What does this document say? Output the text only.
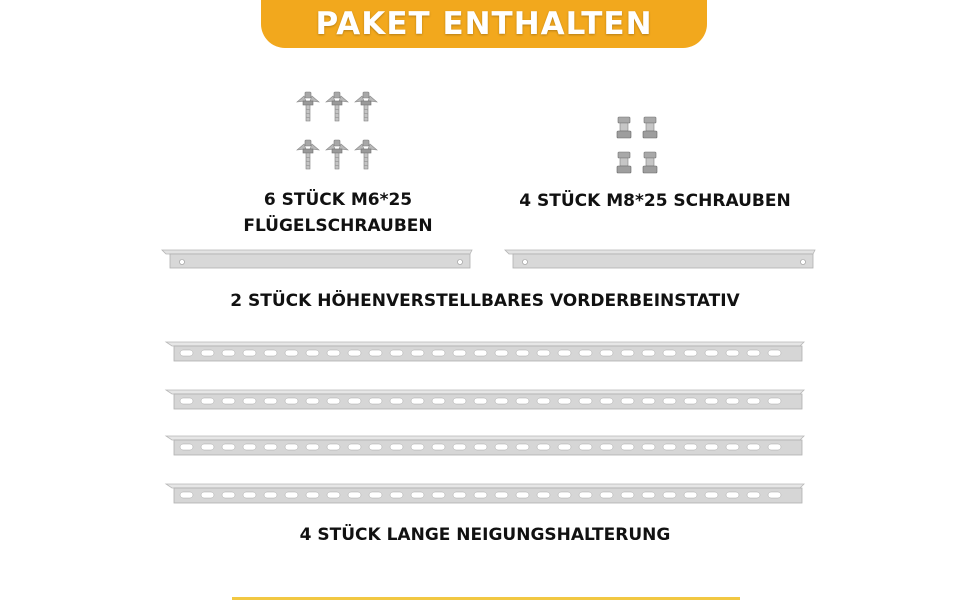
PAKET ENTHALTEN
6 STÜCK M6*25
FLÜGELSCHRAUBEN
4 STÜCK M8*25 SCHRAUBEN
2 STÜCK HÖHENVERSTELLBARES VORDERBEINSTATIV
4 STÜCK LANGE NEIGUNGSHALTERUNG
